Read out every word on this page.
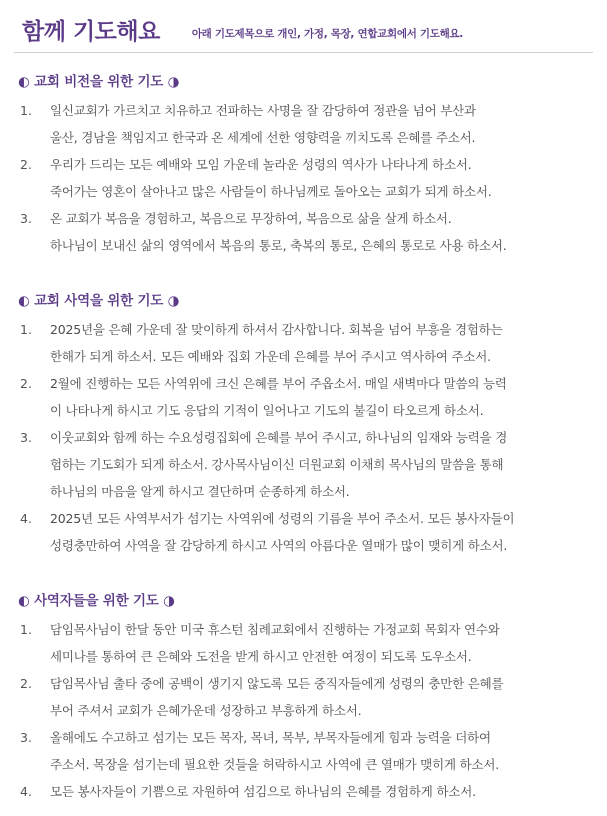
함께 기도해요	아래 기도제목으로 개인, 가정, 목장, 연합교회에서 기도해요.
◐ 교회 비전을 위한 기도 ◑
1.	일신교회가 가르치고 치유하고 전파하는 사명을 잘 감당하여 정관을 넘어 부산과
울산, 경남을 책임지고 한국과 온 세계에 선한 영향력을 끼치도록 은혜를 주소서.
2.	우리가 드리는 모든 예배와 모임 가운데 놀라운 성령의 역사가 나타나게 하소서.
죽어가는 영혼이 살아나고 많은 사람들이 하나님께로 돌아오는 교회가 되게 하소서.
3.	온 교회가 복음을 경험하고, 복음으로 무장하여, 복음으로 삶을 살게 하소서.
하나님이 보내신 삶의 영역에서 복음의 통로, 축복의 통로, 은혜의 통로로 사용 하소서.
◐ 교회 사역을 위한 기도 ◑
1.	2025년을 은혜 가운데 잘 맞이하게 하셔서 감사합니다. 회복을 넘어 부흥을 경험하는
한해가 되게 하소서. 모든 예배와 집회 가운데 은혜를 부어 주시고 역사하여 주소서.
2.	2월에 진행하는 모든 사역위에 크신 은혜를 부어 주옵소서. 매일 새벽마다 말씀의 능력
이 나타나게 하시고 기도 응답의 기적이 일어나고 기도의 불길이 타오르게 하소서.
3.	이웃교회와 함께 하는 수요성령집회에 은혜를 부어 주시고, 하나님의 임재와 능력을 경
험하는 기도회가 되게 하소서. 강사목사님이신 더원교회 이채희 목사님의 말씀을 통해
하나님의 마음을 알게 하시고 결단하며 순종하게 하소서.
4.	2025년 모든 사역부서가 섬기는 사역위에 성령의 기름을 부어 주소서. 모든 봉사자들이
성령충만하여 사역을 잘 감당하게 하시고 사역의 아름다운 열매가 많이 맺히게 하소서.
◐ 사역자들을 위한 기도 ◑
1.	담임목사님이 한달 동안 미국 휴스턴 침례교회에서 진행하는 가정교회 목회자 연수와
세미나를 통하여 큰 은혜와 도전을 받게 하시고 안전한 여정이 되도록 도우소서.
2.	담임목사님 출타 중에 공백이 생기지 않도록 모든 중직자들에게 성령의 충만한 은혜를
부어 주셔서 교회가 은혜가운데 성장하고 부흥하게 하소서.
3.	올해에도 수고하고 섬기는 모든 목자, 목녀, 목부, 부목자들에게 힘과 능력을 더하여
주소서. 목장을 섬기는데 필요한 것들을 허락하시고 사역에 큰 열매가 맺히게 하소서.
4.	모든 봉사자들이 기쁨으로 자원하여 섬김으로 하나님의 은혜를 경험하게 하소서.
